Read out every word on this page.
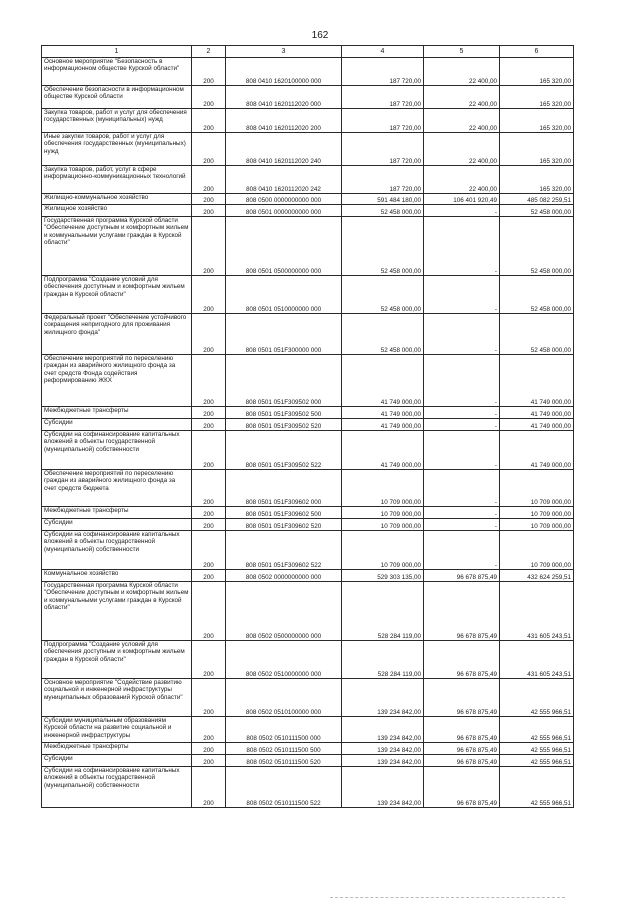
162
1	2	3	4	5	6
Основное мероприятие "Безопасность в информационном обществе Курской области"	200	808 0410 1620100000 000	187 720,00	22 400,00	165 320,00
Обеспечение безопасности в информационном обществе Курской области	200	808 0410 1620112020 000	187 720,00	22 400,00	165 320,00
Закупка товаров, работ и услуг для обеспечения государственных (муниципальных) нужд	200	808 0410 1620112020 200	187 720,00	22 400,00	165 320,00
Иные закупки товаров, работ и услуг для обеспечения государственных (муниципальных) нужд	200	808 0410 1620112020 240	187 720,00	22 400,00	165 320,00
Закупка товаров, работ, услуг в сфере информационно-коммуникационных технологий	200	808 0410 1620112020 242	187 720,00	22 400,00	165 320,00
Жилищно-коммунальное хозяйство	200	808 0500 0000000000 000	591 484 180,00	106 401 920,49	485 082 259,51
Жилищное хозяйство	200	808 0501 0000000000 000	52 458 000,00	-	52 458 000,00
Государственная программа Курской области "Обеспечение доступным и комфортным жильем и коммунальными услугами граждан в Курской области"	200	808 0501 0500000000 000	52 458 000,00	-	52 458 000,00
Подпрограмма "Создание условий для обеспечения доступным и комфортным жильем граждан в Курской области"	200	808 0501 0510000000 000	52 458 000,00	-	52 458 000,00
Федеральный проект "Обеспечение устойчивого сокращения непригодного для проживания жилищного фонда"	200	808 0501 051F300000 000	52 458 000,00	-	52 458 000,00
Обеспечение мероприятий по переселению граждан из аварийного жилищного фонда за счет средств Фонда содействия реформированию ЖКХ	200	808 0501 051F309502 000	41 749 000,00	-	41 749 000,00
Межбюджетные трансферты	200	808 0501 051F309502 500	41 749 000,00	-	41 749 000,00
Субсидии	200	808 0501 051F309502 520	41 749 000,00	-	41 749 000,00
Субсидии на софинансирование капитальных вложений в объекты государственной (муниципальной) собственности	200	808 0501 051F309502 522	41 749 000,00	-	41 749 000,00
Обеспечение мероприятий по переселению граждан из аварийного жилищного фонда за счет средств бюджета	200	808 0501 051F309602 000	10 709 000,00	-	10 709 000,00
Межбюджетные трансферты	200	808 0501 051F309602 500	10 709 000,00	-	10 709 000,00
Субсидии	200	808 0501 051F309602 520	10 709 000,00	-	10 709 000,00
Субсидии на софинансирование капитальных вложений в объекты государственной (муниципальной) собственности	200	808 0501 051F309602 522	10 709 000,00	-	10 709 000,00
Коммунальное хозяйство	200	808 0502 0000000000 000	529 303 135,00	96 678 875,49	432 624 259,51
Государственная программа Курской области "Обеспечение доступным и комфортным жильем и коммунальными услугами граждан в Курской области"	200	808 0502 0500000000 000	528 284 119,00	96 678 875,49	431 605 243,51
Подпрограмма "Создание условий для обеспечения доступным и комфортным жильем граждан в Курской области"	200	808 0502 0510000000 000	528 284 119,00	96 678 875,49	431 605 243,51
Основное мероприятие "Содействие развитию социальной и инженерной инфраструктуры муниципальных образований Курской области"	200	808 0502 0510100000 000	139 234 842,00	96 678 875,49	42 555 966,51
Субсидии муниципальным образованиям Курской области на развитие социальной и инженерной инфраструктуры	200	808 0502 0510111500 000	139 234 842,00	96 678 875,49	42 555 966,51
Межбюджетные трансферты	200	808 0502 0510111500 500	139 234 842,00	96 678 875,49	42 555 966,51
Субсидии	200	808 0502 0510111500 520	139 234 842,00	96 678 875,49	42 555 966,51
Субсидии на софинансирование капитальных вложений в объекты государственной (муниципальной) собственности	200	808 0502 0510111500 522	139 234 842,00	96 678 875,49	42 555 966,51
